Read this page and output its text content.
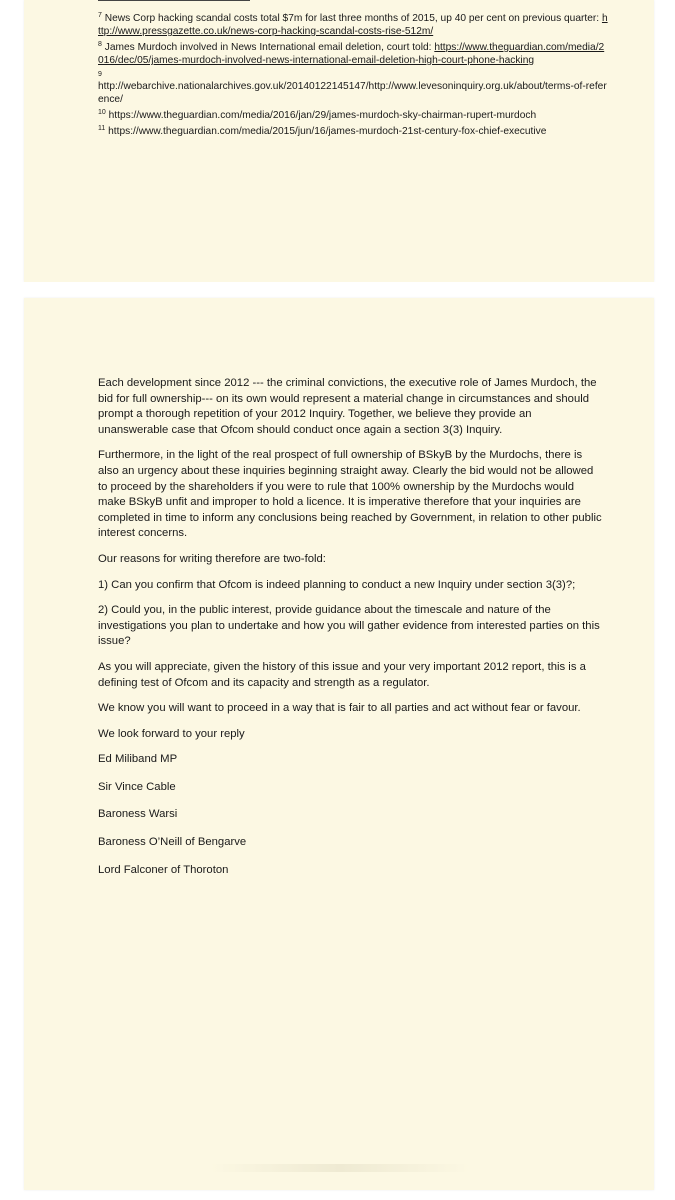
$^7$ News Corp hacking scandal costs total $7m for last three months of 2015, up 40 per cent on previous quarter: http://www.pressgazette.co.uk/news-corp-hacking-scandal-costs-rise-512m/

$^8$ James Murdoch involved in News International email deletion, court told: https://www.theguardian.com/media/2016/dec/05/james-murdoch-involved-news-international-email-deletion-high-court-phone-hacking

9

http://webarchive.nationalarchives.gov.uk/20140122145147/http://www.levesoninquiry.org.uk/about/terms-of-reference/

$^{10}$ https://www.theguardian.com/media/2016/jan/29/james-murdoch-sky-chairman-rupert-murdoch

$^{11}$ https://www.theguardian.com/media/2015/jun/16/james-murdoch-21st-century-fox-chief-executive

Each development since 2012 --- the criminal convictions, the executive role of James Murdoch, the bid for full ownership--- on its own would represent a material change in circumstances and should prompt a thorough repetition of your 2012 Inquiry. Together, we believe they provide an unanswerable case that Ofcom should conduct once again a section 3(3) Inquiry.

Furthermore, in the light of the real prospect of full ownership of BSkyB by the Murdochs, there is also an urgency about these inquiries beginning straight away. Clearly the bid would not be allowed to proceed by the shareholders if you were to rule that 100% ownership by the Murdochs would make BSkyB unfit and improper to hold a licence. It is imperative therefore that your inquiries are completed in time to inform any conclusions being reached by Government, in relation to other public interest concerns.

Our reasons for writing therefore are two-fold:

1) Can you confirm that Ofcom is indeed planning to conduct a new Inquiry under section 3(3)?;

2) Could you, in the public interest, provide guidance about the timescale and nature of the investigations you plan to undertake and how you will gather evidence from interested parties on this issue?

As you will appreciate, given the history of this issue and your very important 2012 report, this is a defining test of Ofcom and its capacity and strength as a regulator.

We know you will want to proceed in a way that is fair to all parties and act without fear or favour.

We look forward to your reply

Ed Miliband MP

Sir Vince Cable

Baroness Warsi

Baroness O’Neill of Bengarve

Lord Falconer of Thoroton
